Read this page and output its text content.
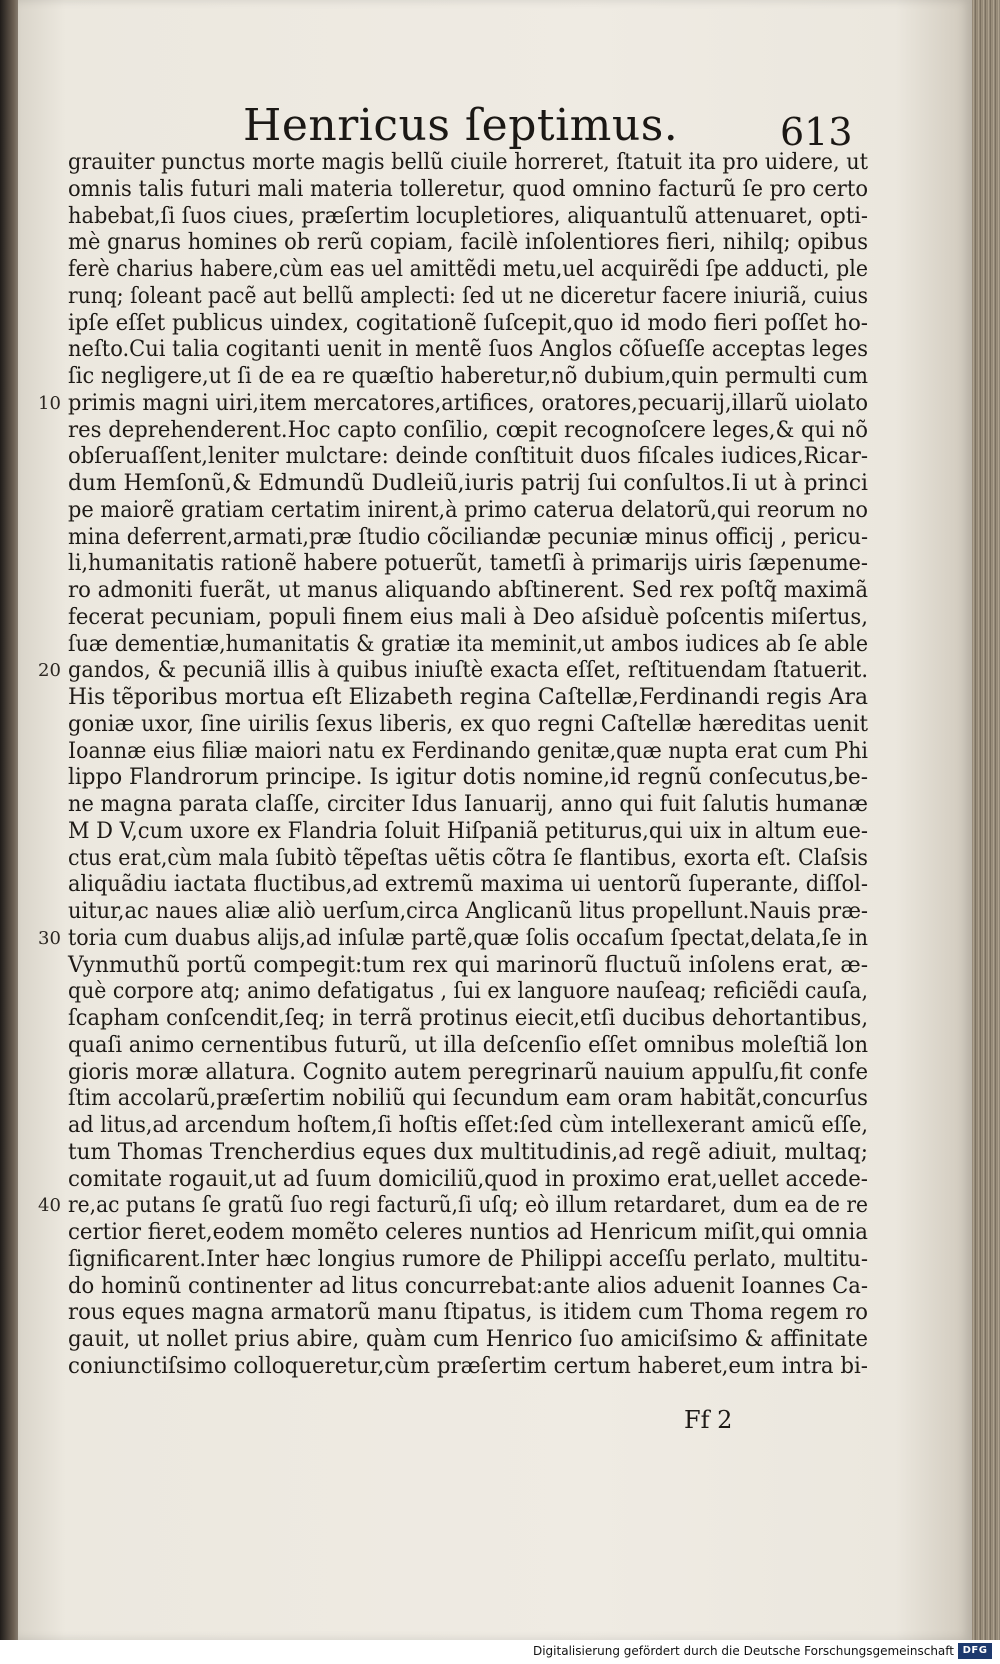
Henricus ſeptimus.	613
grauiter punctus morte magis bellũ ciuile horreret, ſtatuit ita pro uidere, ut
omnis talis futuri mali materia tolleretur, quod omnino facturũ ſe pro certo
habebat,ſi ſuos ciues, præſertim locupletiores, aliquantulũ attenuaret, opti-
mè gnarus homines ob rerũ copiam, facilè inſolentiores fieri, nihilq; opibus
ferè charius habere,cùm eas uel amittẽdi metu,uel acquirẽdi ſpe adducti, ple
runq; ſoleant pacẽ aut bellũ amplecti: ſed ut ne diceretur facere iniuriã, cuius
ipſe eſſet publicus uindex, cogitationẽ ſuſcepit,quo id modo fieri poſſet ho-
neſto.Cui talia cogitanti uenit in mentẽ ſuos Anglos cõſueſſe acceptas leges
ſic negligere,ut ſi de ea re quæſtio haberetur,nõ dubium,quin permulti cum
10 primis magni uiri,item mercatores,artifices, oratores,pecuarij,illarũ uiolato
res deprehenderent.Hoc capto conſilio, cœpit recognoſcere leges,& qui nõ
obſeruaſſent,leniter mulctare: deinde conſtituit duos fiſcales iudices,Ricar-
dum Hemſonũ,& Edmundũ Dudleiũ,iuris patrij ſui conſultos.Ii ut à princi
pe maiorẽ gratiam certatim inirent,à primo caterua delatorũ,qui reorum no
mina deferrent,armati,præ ſtudio cõciliandæ pecuniæ minus officij , pericu-
li,humanitatis rationẽ habere potuerũt, tametſi à primarijs uiris ſæpenume-
ro admoniti fuerãt, ut manus aliquando abſtinerent. Sed rex poſtq̃ maximã
fecerat pecuniam, populi finem eius mali à Deo aſsiduè poſcentis miſertus,
ſuæ dementiæ,humanitatis & gratiæ ita meminit,ut ambos iudices ab ſe able
20 gandos, & pecuniã illis à quibus iniuſtè exacta eſſet, reſtituendam ſtatuerit.
His tẽporibus mortua eſt Elizabeth regina Caſtellæ,Ferdinandi regis Ara
goniæ uxor, ſine uirilis ſexus liberis, ex quo regni Caſtellæ hæreditas uenit
Ioannæ eius filiæ maiori natu ex Ferdinando genitæ,quæ nupta erat cum Phi
lippo Flandrorum principe. Is igitur dotis nomine,id regnũ conſecutus,be-
ne magna parata claſſe, circiter Idus Ianuarij, anno qui fuit ſalutis humanæ
M D V,cum uxore ex Flandria ſoluit Hiſpaniã petiturus,qui uix in altum eue-
ctus erat,cùm mala ſubitò tẽpeſtas uẽtis cõtra ſe flantibus, exorta eſt. Claſsis
aliquãdiu iactata fluctibus,ad extremũ maxima ui uentorũ ſuperante, diſſol-
uitur,ac naues aliæ aliò uerſum,circa Anglicanũ litus propellunt.Nauis præ-
30 toria cum duabus alijs,ad inſulæ partẽ,quæ ſolis occaſum ſpectat,delata,ſe in
Vynmuthũ portũ compegit:tum rex qui marinorũ fluctuũ inſolens erat, æ-
què corpore atq; animo defatigatus , ſui ex languore nauſeaq; reficiẽdi cauſa,
ſcapham conſcendit,ſeq; in terrã protinus eiecit,etſi ducibus dehortantibus,
quaſi animo cernentibus futurũ, ut illa deſcenſio eſſet omnibus moleſtiã lon
gioris moræ allatura. Cognito autem peregrinarũ nauium appulſu,fit confe
ſtim accolarũ,præſertim nobiliũ qui ſecundum eam oram habitãt,concurſus
ad litus,ad arcendum hoſtem,ſi hoſtis eſſet:ſed cùm intellexerant amicũ eſſe,
tum Thomas Trencherdius eques dux multitudinis,ad regẽ adiuit, multaq;
comitate rogauit,ut ad ſuum domiciliũ,quod in proximo erat,uellet accede-
40 re,ac putans ſe gratũ ſuo regi facturũ,ſi uſq; eò illum retardaret, dum ea de re
certior fieret,eodem momẽto celeres nuntios ad Henricum miſit,qui omnia
ſignificarent.Inter hæc longius rumore de Philippi acceſſu perlato, multitu-
do hominũ continenter ad litus concurrebat:ante alios aduenit Ioannes Ca-
rous eques magna armatorũ manu ſtipatus, is itidem cum Thoma regem ro
gauit, ut nollet prius abire, quàm cum Henrico ſuo amiciſsimo & affinitate
coniunctiſsimo colloqueretur,cùm præſertim certum haberet,eum intra bi-
Ff 2
Digitalisierung gefördert durch die Deutsche Forschungsgemeinschaft DFG
